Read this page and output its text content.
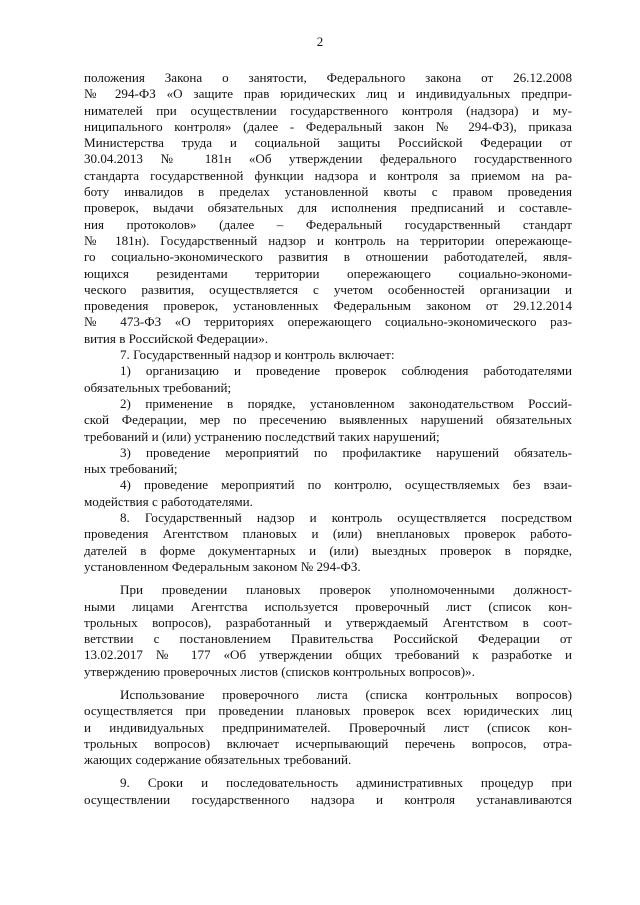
2

положения Закона о занятости, Федерального закона от 26.12.2008
№ 294-ФЗ «О защите прав юридических лиц и индивидуальных предпри-
нимателей при осуществлении государственного контроля (надзора) и му-
ниципального контроля» (далее - Федеральный закон № 294-ФЗ), приказа
Министерства труда и социальной защиты Российской Федерации от
30.04.2013 № 181н «Об утверждении федерального государственного
стандарта государственной функции надзора и контроля за приемом на ра-
боту инвалидов в пределах установленной квоты с правом проведения
проверок, выдачи обязательных для исполнения предписаний и составле-
ния протоколов» (далее – Федеральный государственный стандарт
№ 181н). Государственный надзор и контроль на территории опережающе-
го социально-экономического развития в отношении работодателей, явля-
ющихся резидентами территории опережающего социально-экономи-
ческого развития, осуществляется с учетом особенностей организации и
проведения проверок, установленных Федеральным законом от 29.12.2014
№ 473-ФЗ «О территориях опережающего социально-экономического раз-
вития в Российской Федерации».

7. Государственный надзор и контроль включает:

1) организацию и проведение проверок соблюдения работодателями
обязательных требований;

2) применение в порядке, установленном законодательством Россий-
ской Федерации, мер по пресечению выявленных нарушений обязательных
требований и (или) устранению последствий таких нарушений;

3) проведение мероприятий по профилактике нарушений обязатель-
ных требований;

4) проведение мероприятий по контролю, осуществляемых без взаи-
модействия с работодателями.

8. Государственный надзор и контроль осуществляется посредством
проведения Агентством плановых и (или) внеплановых проверок работо-
дателей в форме документарных и (или) выездных проверок в порядке,
установленном Федеральным законом № 294-ФЗ.

При проведении плановых проверок уполномоченными должност-
ными лицами Агентства используется проверочный лист (список кон-
трольных вопросов), разработанный и утверждаемый Агентством в соот-
ветствии с постановлением Правительства Российской Федерации от
13.02.2017 № 177 «Об утверждении общих требований к разработке и
утверждению проверочных листов (списков контрольных вопросов)».

Использование проверочного листа (списка контрольных вопросов)
осуществляется при проведении плановых проверок всех юридических лиц
и индивидуальных предпринимателей. Проверочный лист (список кон-
трольных вопросов) включает исчерпывающий перечень вопросов, отра-
жающих содержание обязательных требований.

9. Сроки и последовательность административных процедур при
осуществлении государственного надзора и контроля устанавливаются
